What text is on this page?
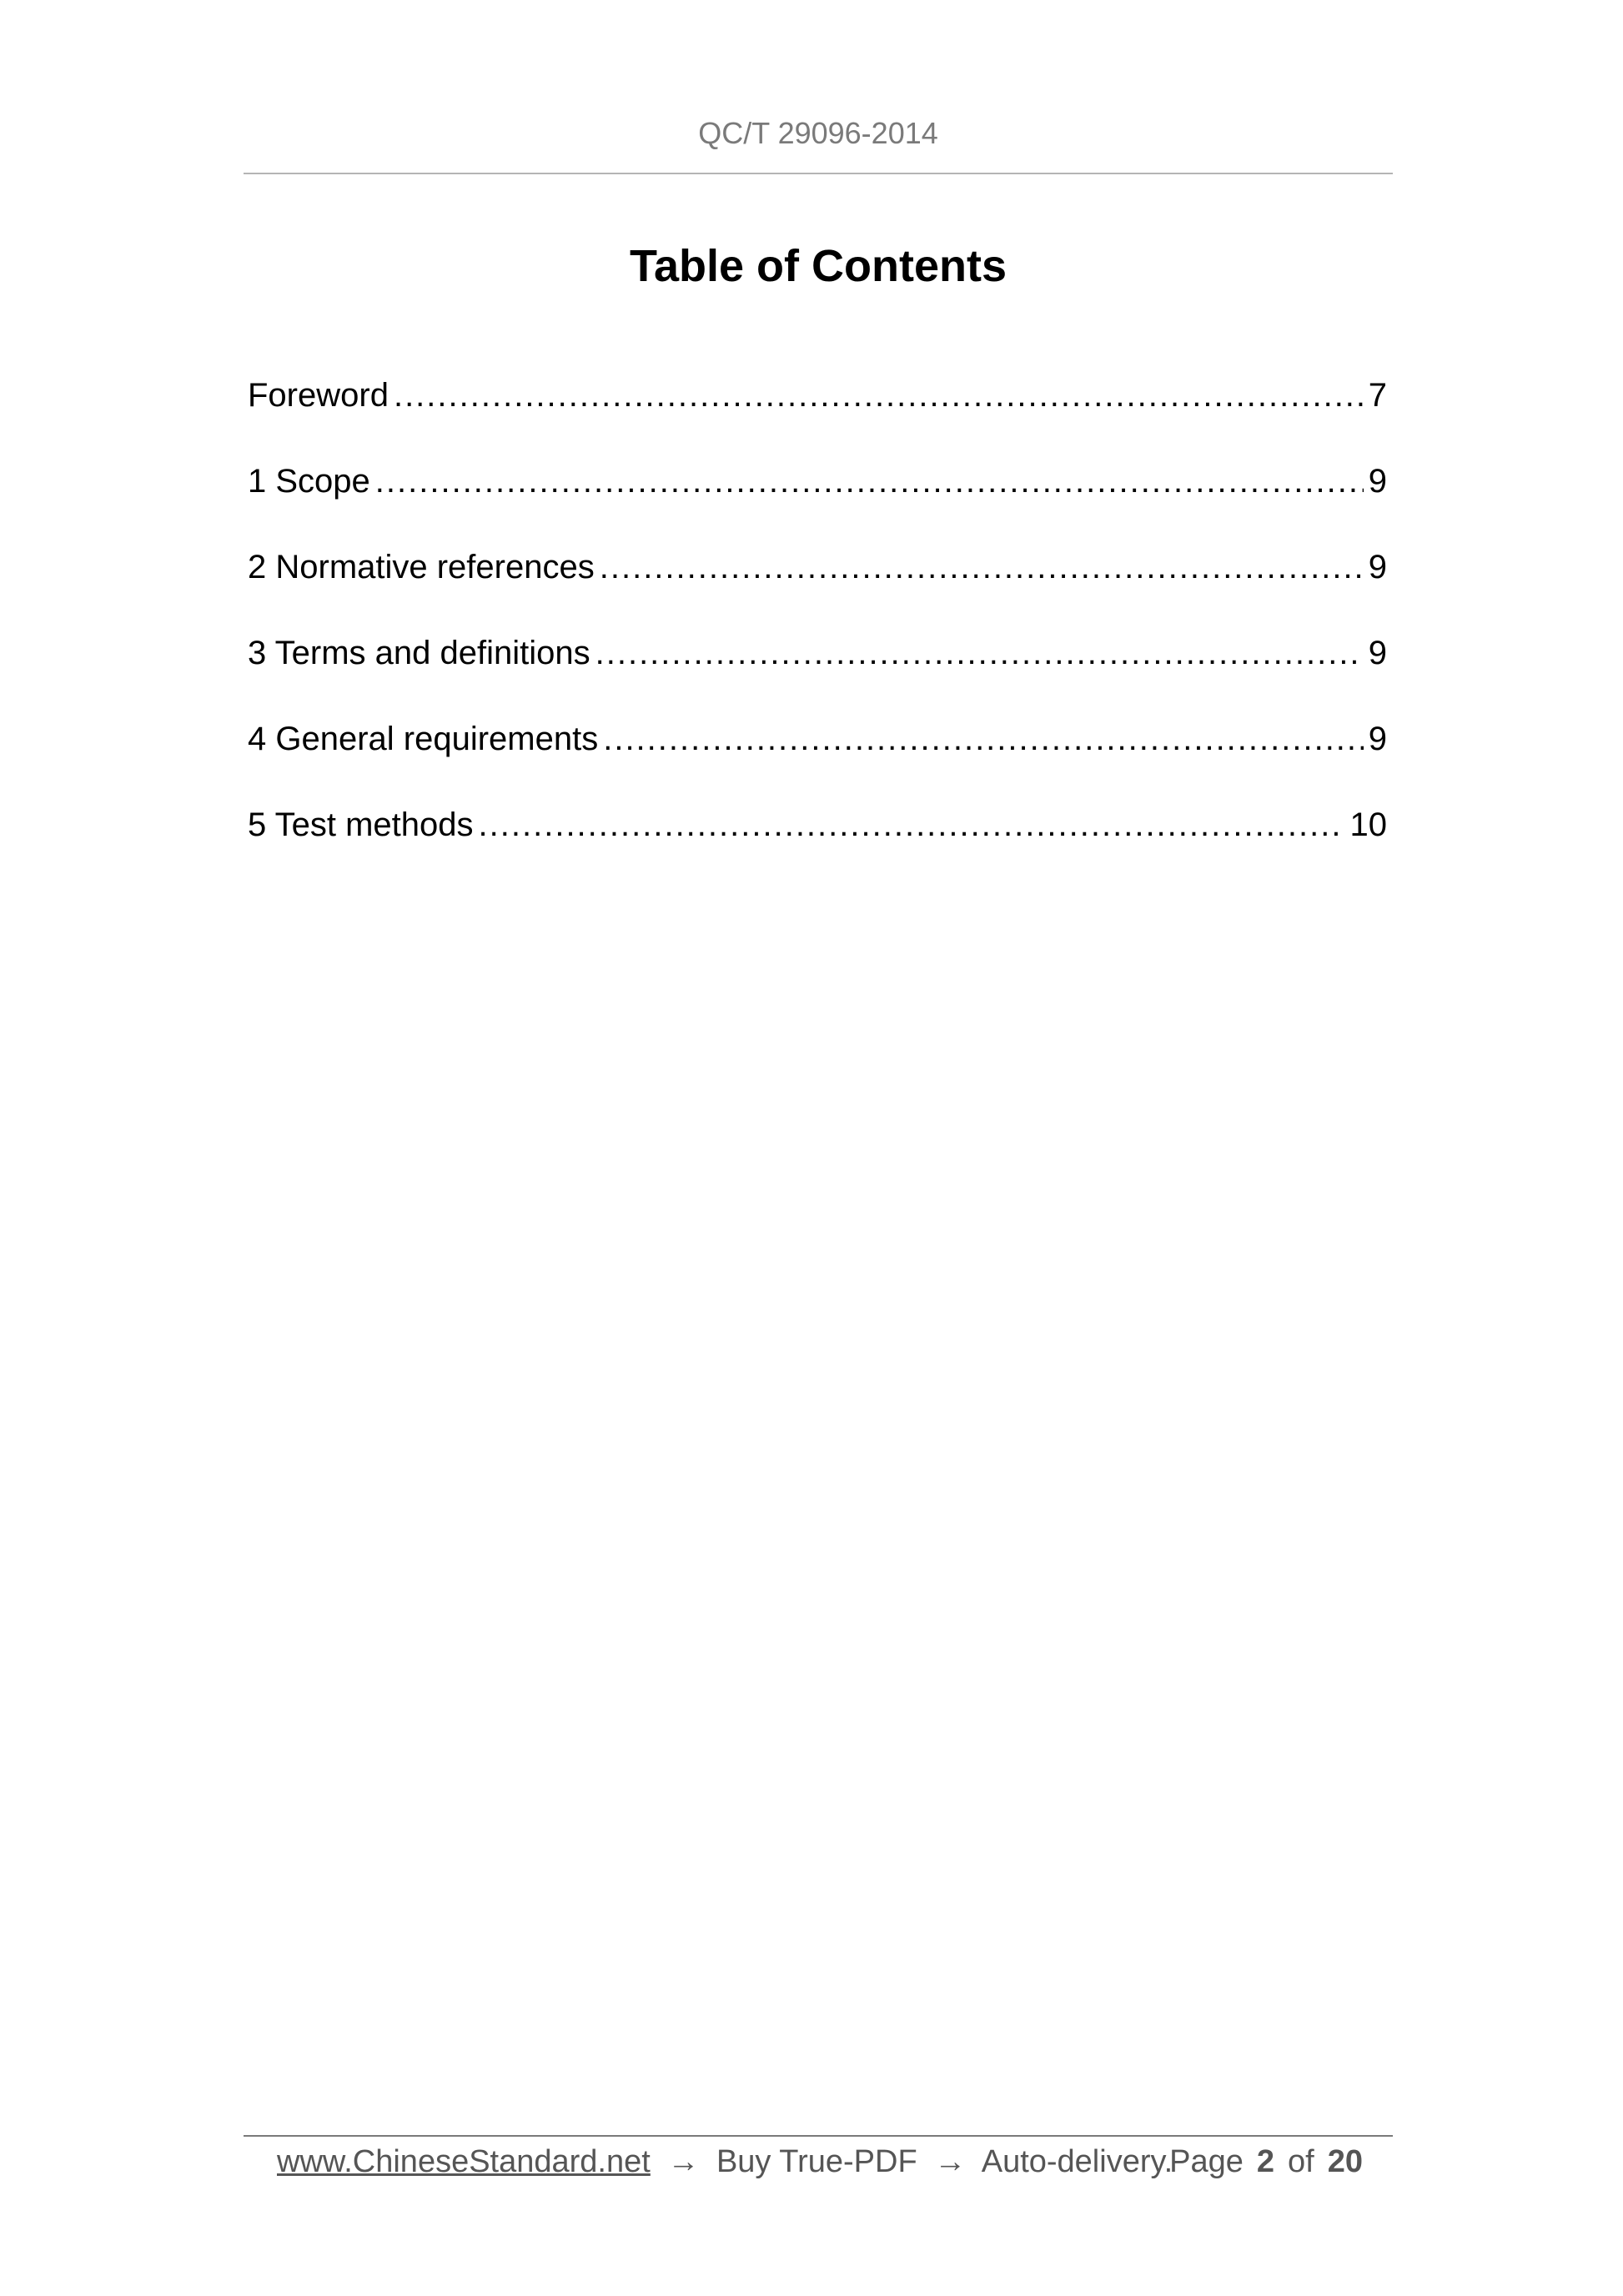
QC/T 29096-2014
Table of Contents
Foreword .....	7
1 Scope .....	9
2 Normative references .....	9
3 Terms and definitions .....	9
4 General requirements .....	9
5 Test methods .....	10
www.ChineseStandard.net → Buy True-PDF → Auto-delivery.
Page 2 of 20
